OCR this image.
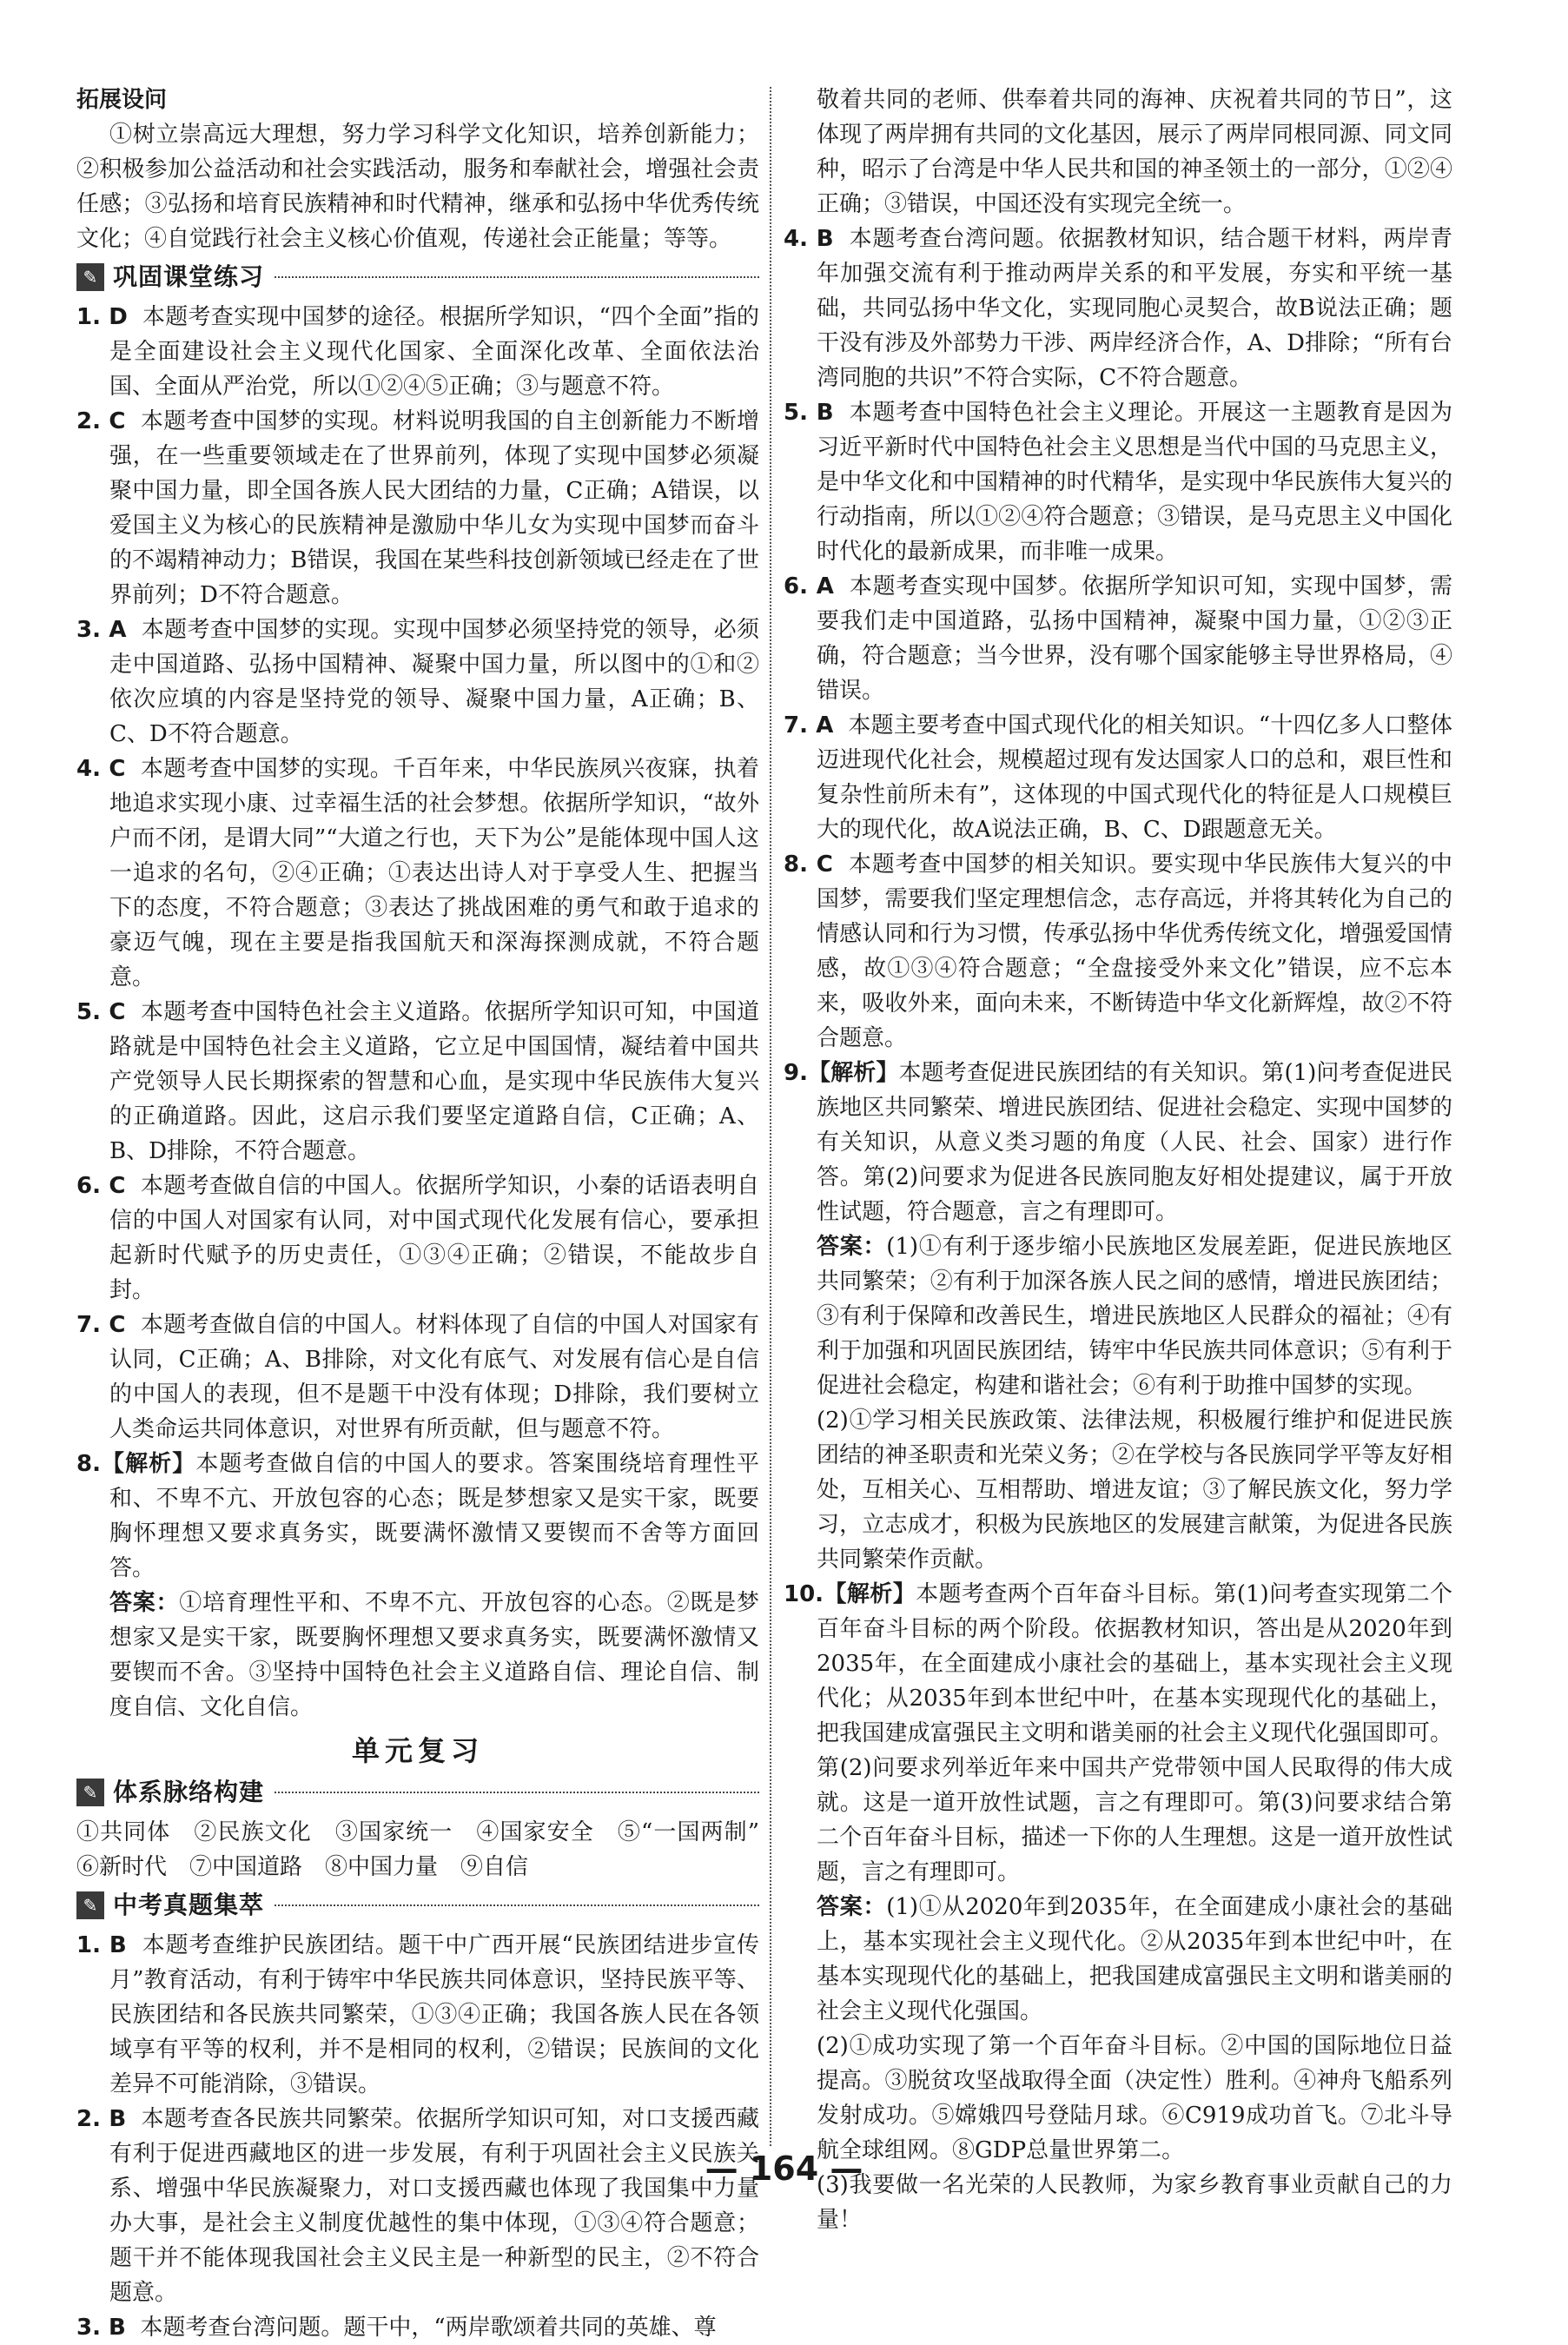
拓展设问

①树立崇高远大理想，努力学习科学文化知识，培养创新能力；②积极参加公益活动和社会实践活动，服务和奉献社会，增强社会责任感；③弘扬和培育民族精神和时代精神，继承和弘扬中华优秀传统文化；④自觉践行社会主义核心价值观，传递社会正能量；等等。

✎ 巩固课堂练习
1. D 本题考查实现中国梦的途径。根据所学知识，“四个全面”指的是全面建设社会主义现代化国家、全面深化改革、全面依法治国、全面从严治党，所以①②④⑤正确；③与题意不符。
2. C 本题考查中国梦的实现。材料说明我国的自主创新能力不断增强，在一些重要领域走在了世界前列，体现了实现中国梦必须凝聚中国力量，即全国各族人民大团结的力量，C正确；A错误，以爱国主义为核心的民族精神是激励中华儿女为实现中国梦而奋斗的不竭精神动力；B错误，我国在某些科技创新领域已经走在了世界前列；D不符合题意。
3. A 本题考查中国梦的实现。实现中国梦必须坚持党的领导，必须走中国道路、弘扬中国精神、凝聚中国力量，所以图中的①和②依次应填的内容是坚持党的领导、凝聚中国力量，A正确；B、C、D不符合题意。
4. C 本题考查中国梦的实现。千百年来，中华民族夙兴夜寐，执着地追求实现小康、过幸福生活的社会梦想。依据所学知识，“故外户而不闭，是谓大同”“大道之行也，天下为公”是能体现中国人这一追求的名句，②④正确；①表达出诗人对于享受人生、把握当下的态度，不符合题意；③表达了挑战困难的勇气和敢于追求的豪迈气魄，现在主要是指我国航天和深海探测成就，不符合题意。
5. C 本题考查中国特色社会主义道路。依据所学知识可知，中国道路就是中国特色社会主义道路，它立足中国国情，凝结着中国共产党领导人民长期探索的智慧和心血，是实现中华民族伟大复兴的正确道路。因此，这启示我们要坚定道路自信，C正确；A、B、D排除，不符合题意。
6. C 本题考查做自信的中国人。依据所学知识，小秦的话语表明自信的中国人对国家有认同，对中国式现代化发展有信心，要承担起新时代赋予的历史责任，①③④正确；②错误，不能故步自封。
7. C 本题考查做自信的中国人。材料体现了自信的中国人对国家有认同，C正确；A、B排除，对文化有底气、对发展有信心是自信的中国人的表现，但不是题干中没有体现；D排除，我们要树立人类命运共同体意识，对世界有所贡献，但与题意不符。
8.【解析】本题考查做自信的中国人的要求。答案围绕培育理性平和、不卑不亢、开放包容的心态；既是梦想家又是实干家，既要胸怀理想又要求真务实，既要满怀激情又要锲而不舍等方面回答。
答案：①培育理性平和、不卑不亢、开放包容的心态。②既是梦想家又是实干家，既要胸怀理想又要求真务实，既要满怀激情又要锲而不舍。③坚持中国特色社会主义道路自信、理论自信、制度自信、文化自信。
单元复习
✎ 体系脉络构建

①共同体　②民族文化　③国家统一　④国家安全　⑤“一国两制”　⑥新时代　⑦中国道路　⑧中国力量　⑨自信

✎ 中考真题集萃
1. B 本题考查维护民族团结。题干中广西开展“民族团结进步宣传月”教育活动，有利于铸牢中华民族共同体意识，坚持民族平等、民族团结和各民族共同繁荣，①③④正确；我国各族人民在各领域享有平等的权利，并不是相同的权利，②错误；民族间的文化差异不可能消除，③错误。
2. B 本题考查各民族共同繁荣。依据所学知识可知，对口支援西藏有利于促进西藏地区的进一步发展，有利于巩固社会主义民族关系、增强中华民族凝聚力，对口支援西藏也体现了我国集中力量办大事，是社会主义制度优越性的集中体现，①③④符合题意；题干并不能体现我国社会主义民主是一种新型的民主，②不符合题意。
3. B 本题考查台湾问题。题干中，“两岸歌颂着共同的英雄、尊
敬着共同的老师、供奉着共同的海神、庆祝着共同的节日”，这体现了两岸拥有共同的文化基因，展示了两岸同根同源、同文同种，昭示了台湾是中华人民共和国的神圣领土的一部分，①②④正确；③错误，中国还没有实现完全统一。
4. B 本题考查台湾问题。依据教材知识，结合题干材料，两岸青年加强交流有利于推动两岸关系的和平发展，夯实和平统一基础，共同弘扬中华文化，实现同胞心灵契合，故B说法正确；题干没有涉及外部势力干涉、两岸经济合作，A、D排除；“所有台湾同胞的共识”不符合实际，C不符合题意。
5. B 本题考查中国特色社会主义理论。开展这一主题教育是因为习近平新时代中国特色社会主义思想是当代中国的马克思主义，是中华文化和中国精神的时代精华，是实现中华民族伟大复兴的行动指南，所以①②④符合题意；③错误，是马克思主义中国化时代化的最新成果，而非唯一成果。
6. A 本题考查实现中国梦。依据所学知识可知，实现中国梦，需要我们走中国道路，弘扬中国精神，凝聚中国力量，①②③正确，符合题意；当今世界，没有哪个国家能够主导世界格局，④错误。
7. A 本题主要考查中国式现代化的相关知识。“十四亿多人口整体迈进现代化社会，规模超过现有发达国家人口的总和，艰巨性和复杂性前所未有”，这体现的中国式现代化的特征是人口规模巨大的现代化，故A说法正确，B、C、D跟题意无关。
8. C 本题考查中国梦的相关知识。要实现中华民族伟大复兴的中国梦，需要我们坚定理想信念，志存高远，并将其转化为自己的情感认同和行为习惯，传承弘扬中华优秀传统文化，增强爱国情感，故①③④符合题意；“全盘接受外来文化”错误，应不忘本来，吸收外来，面向未来，不断铸造中华文化新辉煌，故②不符合题意。
9.【解析】本题考查促进民族团结的有关知识。第(1)问考查促进民族地区共同繁荣、增进民族团结、促进社会稳定、实现中国梦的有关知识，从意义类习题的角度（人民、社会、国家）进行作答。第(2)问要求为促进各民族同胞友好相处提建议，属于开放性试题，符合题意，言之有理即可。
答案：(1)①有利于逐步缩小民族地区发展差距，促进民族地区共同繁荣；②有利于加深各族人民之间的感情，增进民族团结；③有利于保障和改善民生，增进民族地区人民群众的福祉；④有利于加强和巩固民族团结，铸牢中华民族共同体意识；⑤有利于促进社会稳定，构建和谐社会；⑥有利于助推中国梦的实现。
(2)①学习相关民族政策、法律法规，积极履行维护和促进民族团结的神圣职责和光荣义务；②在学校与各民族同学平等友好相处，互相关心、互相帮助、增进友谊；③了解民族文化，努力学习，立志成才，积极为民族地区的发展建言献策，为促进各民族共同繁荣作贡献。
10.【解析】本题考查两个百年奋斗目标。第(1)问考查实现第二个百年奋斗目标的两个阶段。依据教材知识，答出是从2020年到2035年，在全面建成小康社会的基础上，基本实现社会主义现代化；从2035年到本世纪中叶，在基本实现现代化的基础上，把我国建成富强民主文明和谐美丽的社会主义现代化强国即可。第(2)问要求列举近年来中国共产党带领中国人民取得的伟大成就。这是一道开放性试题，言之有理即可。第(3)问要求结合第二个百年奋斗目标，描述一下你的人生理想。这是一道开放性试题，言之有理即可。
答案：(1)①从2020年到2035年，在全面建成小康社会的基础上，基本实现社会主义现代化。②从2035年到本世纪中叶，在基本实现现代化的基础上，把我国建成富强民主文明和谐美丽的社会主义现代化强国。
(2)①成功实现了第一个百年奋斗目标。②中国的国际地位日益提高。③脱贫攻坚战取得全面（决定性）胜利。④神舟飞船系列发射成功。⑤嫦娥四号登陆月球。⑥C919成功首飞。⑦北斗导航全球组网。⑧GDP总量世界第二。
(3)我要做一名光荣的人民教师，为家乡教育事业贡献自己的力量！
— 164 —
